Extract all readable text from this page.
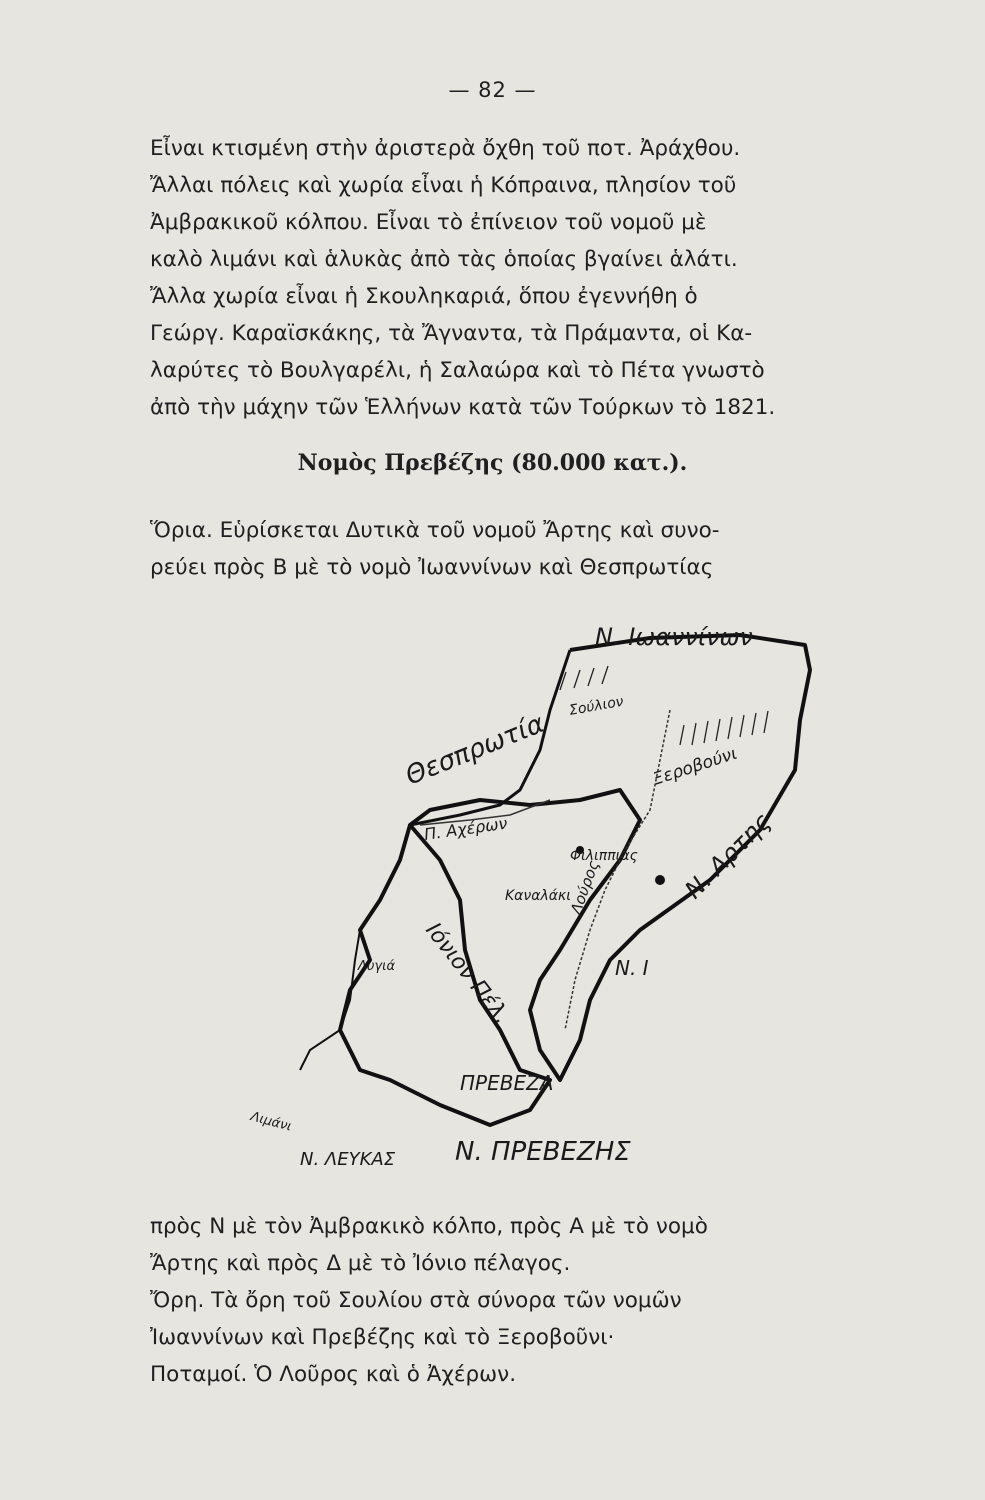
— 82 —

Εἶναι κτισμένη στὴν ἀριστερὰ ὄχθη τοῦ ποτ. Ἀράχθου.
Ἄλλαι πόλεις καὶ χωρία εἶναι ἡ Κόπραινα, πλησίον τοῦ
Ἀμβρακικοῦ κόλπου. Εἶναι τὸ ἐπίνειον τοῦ νομοῦ μὲ
καλὸ λιμάνι καὶ ἁλυκὰς ἀπὸ τὰς ὁποίας βγαίνει ἁλάτι.
Ἄλλα χωρία εἶναι ἡ Σκουληκαριά, ὅπου ἐγεννήθη ὁ
Γεώργ. Καραϊσκάκης, τὰ Ἄγναντα, τὰ Πράμαντα, οἱ Κα-
λαρύτες τὸ Βουλγαρέλι, ἡ Σαλαώρα καὶ τὸ Πέτα γνωστὸ
ἀπὸ τὴν μάχην τῶν Ἑλλήνων κατὰ τῶν Τούρκων τὸ 1821.

Νομὸς Πρεβέζης (80.000 κατ.).

Ὅρια. Εὑρίσκεται Δυτικὰ τοῦ νομοῦ Ἄρτης καὶ συνο-
ρεύει πρὸς Β μὲ τὸ νομὸ Ἰωαννίνων καὶ Θεσπρωτίας

Ν. Ιωαννίνων
Θεσπρωτία
Σούλιον
Ξεροβούνι
Π. Αχέρων
Φιλιππιάς
Λούρος
Καναλάκι
Ιόνιον Πέλ.
Λυγιά
Ν. Αρτης
Ν. Ι
ΠΡΕΒΕΖΑ
Λιμάνι
Ν. ΛΕΥΚΑΣ Ν. ΠΡΕΒΕΖΗΣ

πρὸς Ν μὲ τὸν Ἀμβρακικὸ κόλπο, πρὸς Α μὲ τὸ νομὸ
Ἄρτης καὶ πρὸς Δ μὲ τὸ Ἰόνιο πέλαγος.
Ὄρη. Τὰ ὄρη τοῦ Σουλίου στὰ σύνορα τῶν νομῶν
Ἰωαννίνων καὶ Πρεβέζης καὶ τὸ Ξεροβοῦνι·
Ποταμοί. Ὁ Λοῦρος καὶ ὁ Ἀχέρων.
